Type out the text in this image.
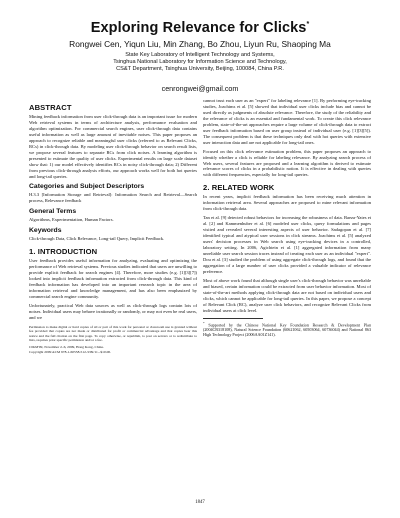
Exploring Relevance for Clicks*
Rongwei Cen, Yiqun Liu, Min Zhang, Bo Zhou, Liyun Ru, Shaoping Ma
State Key Laboratory of Intelligent Technology and Systems,
Tsinghua National Laboratory for Information Science and Technology,
CS&T Department, Tsinghua University, Beijing, 100084, China P.R.
cenrongwei@gmail.com
ABSTRACT

Mining feedback information from user click-through data is an important issue for modern Web retrieval systems in terms of architecture analysis, performance evaluation and algorithm optimization. For commercial search engines, user click-through data contains useful information as well as large amount of inevitable noises. This paper proposes an approach to recognize reliable and meaningful user clicks (referred to as Relevant Clicks, RCs) in click-through data. By modeling user click-through behavior on search result lists, we propose several features to separate RCs from click noises. A learning algorithm is presented to estimate the quality of user clicks. Experimental results on large scale dataset show that: 1) our model effectively identifies RCs in noisy click-through data; 2) Different from previous click-through analysis efforts, our approach works well for both hot queries and long-tail queries.

Categories and Subject Descriptors

H.3.3 [Information Storage and Retrieval]: Information Search and Retrieval—Search process, Relevance feedback

General Terms

Algorithms, Experimentation, Human Factors.

Keywords

Click-through Data, Click Relevance, Long-tail Query, Implicit Feedback.

1. INTRODUCTION

User feedback provides useful information for analyzing, evaluating and optimizing the performance of Web retrieval systems. Previous studies indicated that users are unwilling to provide explicit feedback for search engines [4]. Therefore, more studies (e.g. [1][3][7]) looked into implicit feedback information extracted from click-through data. This kind of feedback information has developed into an important research topic in the area of information retrieval and knowledge management, and has also been emphasized by commercial search engine community.

Unfortunately, practical Web data sources as well as click-through logs contain lots of noises. Individual users may behave irrationally or randomly, or may not even be real users, and we

Permission to make digital or hard copies of all or part of this work for personal or classroom use is granted without fee provided that copies are not made or distributed for profit or commercial advantage and that copies bear this notice and the full citation on the first page. To copy otherwise, or republish, to post on servers or to redistribute to lists, requires prior specific permission and/or a fee.

CIKM'09, November 2–6, 2009, Hong Kong, China.

Copyright 2009 ACM 978-1-60558-512-3/09/11...$10.00.

cannot trust each user as an "expert" for labeling relevance [1]. By performing eye-tracking studies, Joachims et al. [5] showed that individual user clicks include bias and cannot be used directly as judgments of absolute relevance. Therefore, the study of the reliability and the relevance of clicks is an essential and fundamental work. To create this click relevance problem, state-of-the-art approaches require a large volume of click-through data to extract user feedback information based on user group instead of individual user (e.g. [1][3][5]). The consequent problem is that these techniques only deal with hot queries with extensive user interaction data and are not applicable for long-tail ones.

Focused on this click relevance estimation problem, this paper proposes an approach to identify whether a click is reliable for labeling relevance. By analyzing search process of Web users, several features are proposed and a learning algorithm is derived to estimate relevance scores of clicks in a probabilistic notion. It is effective in dealing with queries with different frequencies, especially for long-tail queries.

2. RELATED WORK

In recent years, implicit feedback information has been receiving much attention in information retrieval area. Several approaches are proposed to mine relevant information from click-through data.

Tan et al. [9] detected robust behaviors for increasing the robustness of data. Baeza-Yates et al. [2] and Kammenhuber et al. [6] modeled user clicks, query formulations and pages visited and revealed several interesting aspects of user behavior. Sadagopan et al. [7] identified typical and atypical user sessions in click streams. Joachims et al. [5] analyzed users' decision processes in Web search using eye-tracking devices in a controlled, laboratory setting. In 2006, Agichtein et al. [1] aggregated information from many unreliable user search session traces instead of treating each user as an individual "expert". Dou et al. [3] studied the problem of using aggregate click-through logs, and found that the aggregation of a large number of user clicks provided a valuable indicator of relevance preference.

Most of above work found that although single user's click-through behavior was unreliable and biased, certain information could be extracted from user behavior information. Most of state-of-the-art methods applying click-through data are not based on individual users and clicks, which cannot be applicable for long-tail queries. In this paper, we propose a concept of Relevant Click (RC), analyze user click behaviors, and recognize Relevant Clicks from individual users at click level.

* Supported by the Chinese National Key Foundation Research & Development Plan (2004CB318108), Natural Science Foundation (60621062, 60503064, 60736044) and National 863 High Technology Project (2006AA01Z141).

1847
